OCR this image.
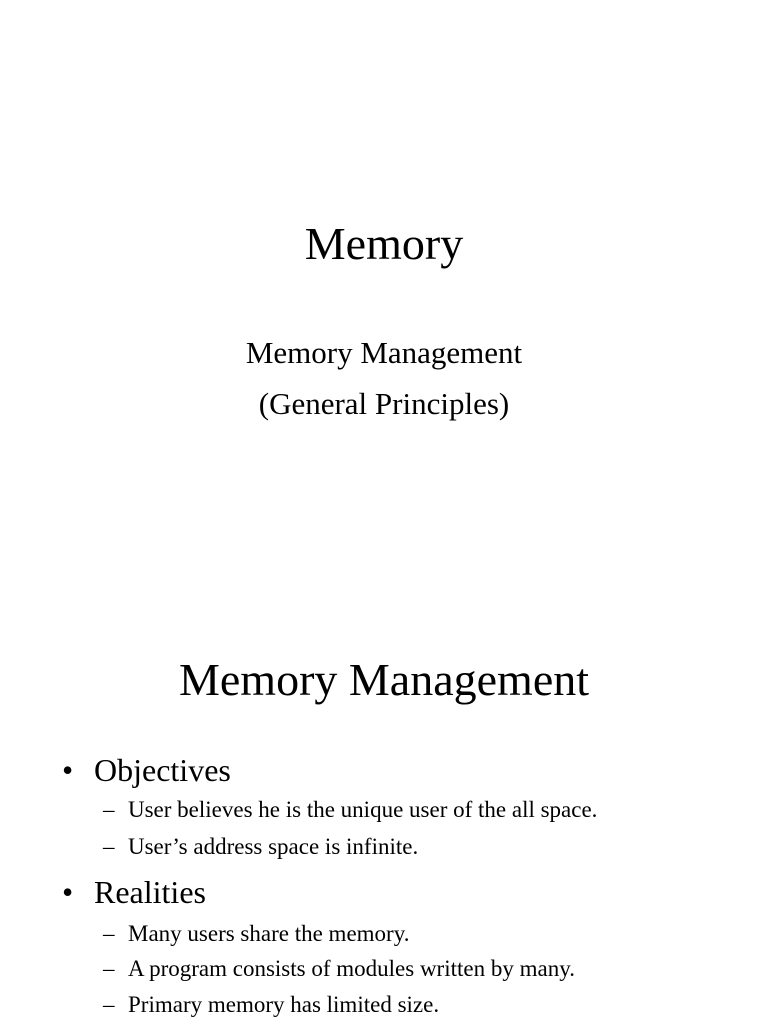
Memory
Memory Management
(General Principles)
Memory Management
• Objectives
– User believes he is the unique user of the all space.
– User’s address space is infinite.
• Realities
– Many users share the memory.
– A program consists of modules written by many.
– Primary memory has limited size.
